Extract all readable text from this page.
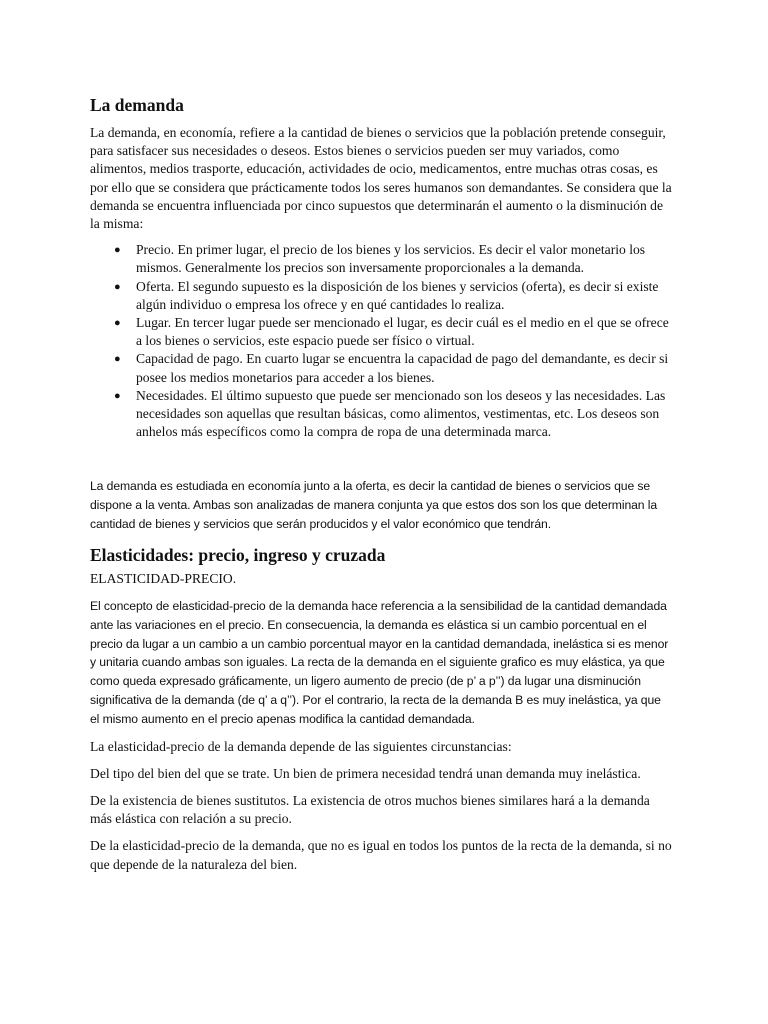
La demanda

La demanda, en economía, refiere a la cantidad de bienes o servicios que la población pretende conseguir, para satisfacer sus necesidades o deseos. Estos bienes o servicios pueden ser muy variados, como alimentos, medios trasporte, educación, actividades de ocio, medicamentos, entre muchas otras cosas, es por ello que se considera que prácticamente todos los seres humanos son demandantes. Se considera que la demanda se encuentra influenciada por cinco supuestos que determinarán el aumento o la disminución de la misma:

● Precio. En primer lugar, el precio de los bienes y los servicios. Es decir el valor monetario los mismos. Generalmente los precios son inversamente proporcionales a la demanda.
● Oferta. El segundo supuesto es la disposición de los bienes y servicios (oferta), es decir si existe algún individuo o empresa los ofrece y en qué cantidades lo realiza.
● Lugar. En tercer lugar puede ser mencionado el lugar, es decir cuál es el medio en el que se ofrece a los bienes o servicios, este espacio puede ser físico o virtual.
● Capacidad de pago. En cuarto lugar se encuentra la capacidad de pago del demandante, es decir si posee los medios monetarios para acceder a los bienes.
● Necesidades. El último supuesto que puede ser mencionado son los deseos y las necesidades. Las necesidades son aquellas que resultan básicas, como alimentos, vestimentas, etc. Los deseos son anhelos más específicos como la compra de ropa de una determinada marca.

La demanda es estudiada en economía junto a la oferta, es decir la cantidad de bienes o servicios que se dispone a la venta. Ambas son analizadas de manera conjunta ya que estos dos son los que determinan la cantidad de bienes y servicios que serán producidos y el valor económico que tendrán.

Elasticidades: precio, ingreso y cruzada

ELASTICIDAD-PRECIO.

El concepto de elasticidad-precio de la demanda hace referencia a la sensibilidad de la cantidad demandada ante las variaciones en el precio. En consecuencia, la demanda es elástica si un cambio porcentual en el precio da lugar a un cambio a un cambio porcentual mayor en la cantidad demandada, inelástica si es menor y unitaria cuando ambas son iguales. La recta de la demanda en el siguiente grafico es muy elástica, ya que como queda expresado gráficamente, un ligero aumento de precio (de p’ a p’’) da lugar una disminución significativa de la demanda (de q’ a q’’). Por el contrario, la recta de la demanda B es muy inelástica, ya que el mismo aumento en el precio apenas modifica la cantidad demandada.

La elasticidad-precio de la demanda depende de las siguientes circunstancias:

Del tipo del bien del que se trate. Un bien de primera necesidad tendrá unan demanda muy inelástica.

De la existencia de bienes sustitutos. La existencia de otros muchos bienes similares hará a la demanda más elástica con relación a su precio.

De la elasticidad-precio de la demanda, que no es igual en todos los puntos de la recta de la demanda, si no que depende de la naturaleza del bien.
